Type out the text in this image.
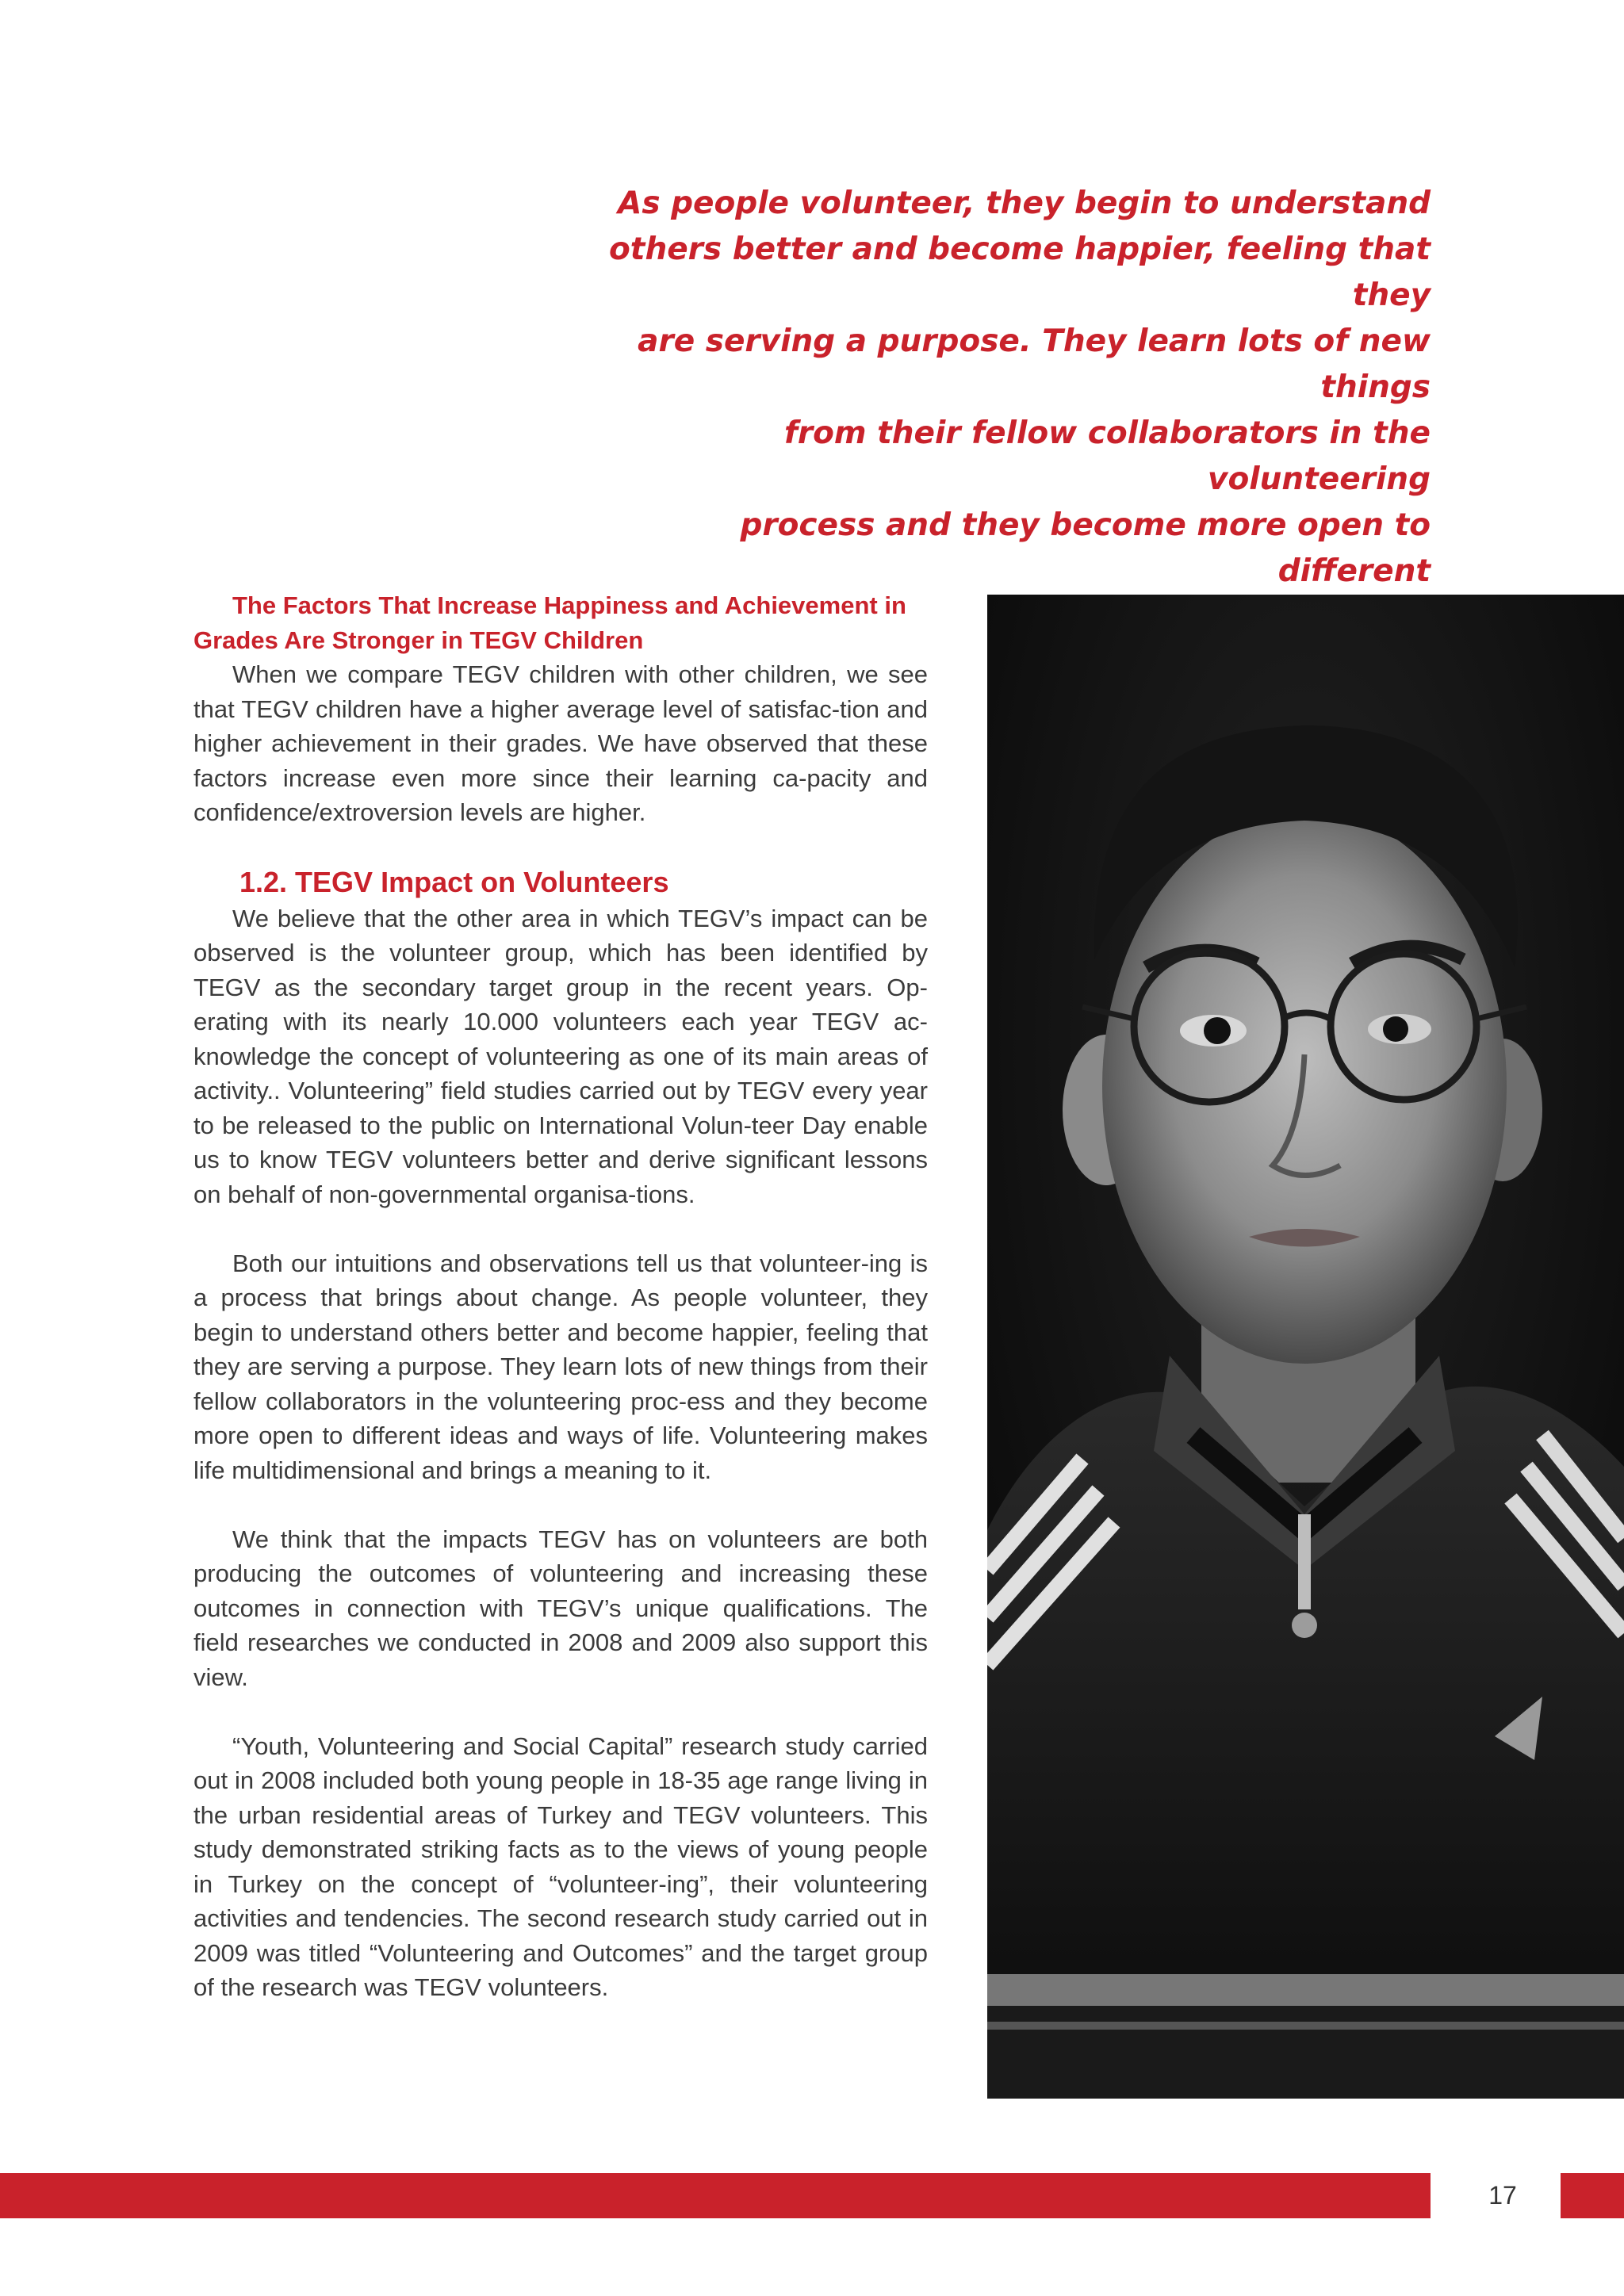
As people volunteer, they begin to understand
others better and become happier, feeling that they
are serving a purpose. They learn lots of new things
from their fellow collaborators in the volunteering
process and they become more open to different
The Factors That Increase Happiness and Achievement in Grades Are Stronger in TEGV Children

When we compare TEGV children with other children, we see that TEGV children have a higher average level of satisfac-tion and higher achievement in their grades. We have observed that these factors increase even more since their learning ca-pacity and confidence/extroversion levels are higher.

1.2. TEGV Impact on Volunteers

We believe that the other area in which TEGV’s impact can be observed is the volunteer group, which has been identified by TEGV as the secondary target group in the recent years. Op-erating with its nearly 10.000 volunteers each year TEGV ac-knowledge the concept of volunteering as one of its main areas of activity.. Volunteering” field studies carried out by TEGV every year to be released to the public on International Volun-teer Day enable us to know TEGV volunteers better and derive significant lessons on behalf of non-governmental organisa-tions.

Both our intuitions and observations tell us that volunteer-ing is a process that brings about change. As people volunteer, they begin to understand others better and become happier, feeling that they are serving a purpose. They learn lots of new things from their fellow collaborators in the volunteering proc-ess and they become more open to different ideas and ways of life. Volunteering makes life multidimensional and brings a meaning to it.

We think that the impacts TEGV has on volunteers are both producing the outcomes of volunteering and increasing these outcomes in connection with TEGV’s unique qualifications. The field researches we conducted in 2008 and 2009 also support this view.

“Youth, Volunteering and Social Capital” research study carried out in 2008 included both young people in 18-35 age range living in the urban residential areas of Turkey and TEGV volunteers. This study demonstrated striking facts as to the views of young people in Turkey on the concept of “volunteer-ing”, their volunteering activities and tendencies. The second research study carried out in 2009 was titled “Volunteering and Outcomes” and the target group of the research was TEGV volunteers.

17
